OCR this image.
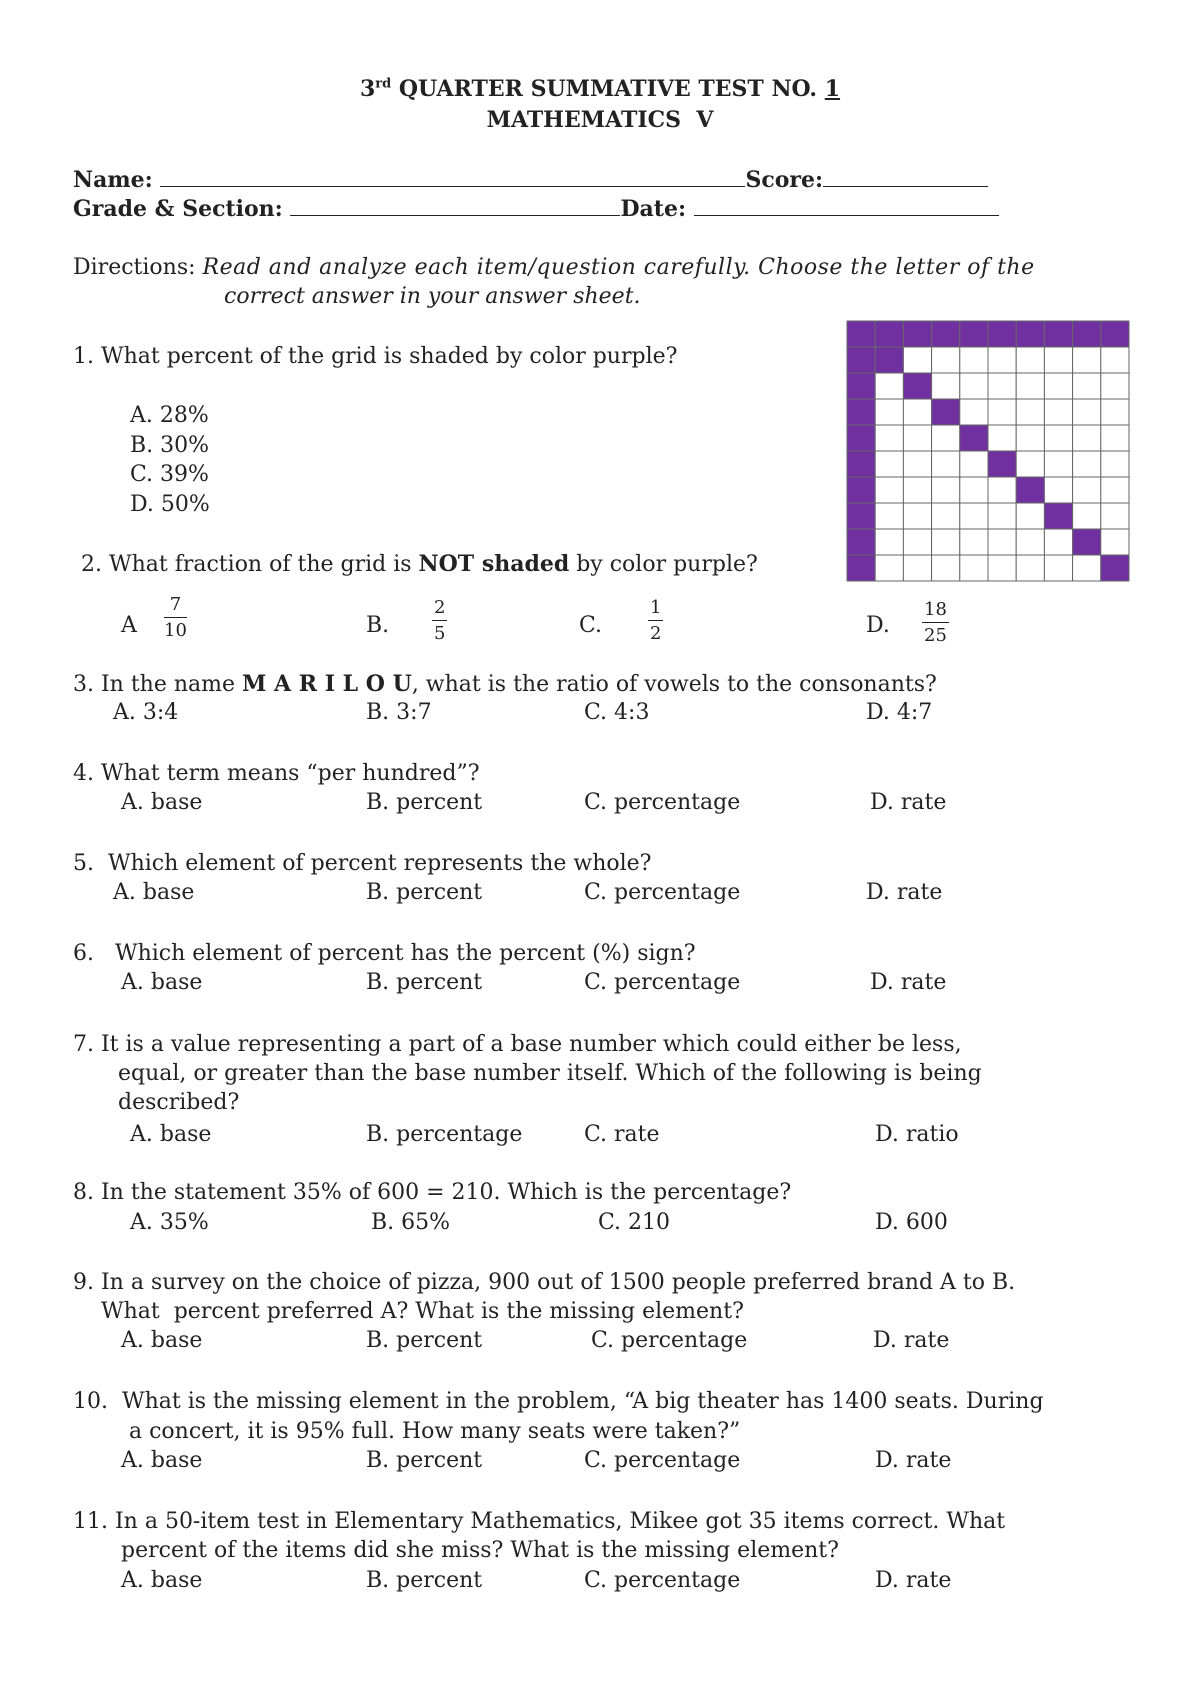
3rd QUARTER SUMMATIVE TEST NO. 1
MATHEMATICS  V
Name:	Score:
Grade & Section:	Date:
Directions: Read and analyze each item/question carefully. Choose the letter of the
correct answer in your answer sheet.
1. What percent of the grid is shaded by color purple?
A. 28%
B. 30%
C. 39%
D. 50%
2. What fraction of the grid is NOT shaded by color purple?
A $\frac{7}{10}$	B. $\frac{2}{5}$	C.	$\frac{1}{2}$	D. $\frac{18}{25}$
3. In the name M A R I L O U, what is the ratio of vowels to the consonants?
A. 3:4	B. 3:7	C. 4:3	D. 4:7
4. What term means “per hundred”?
A. base	B. percent	C. percentage	D. rate
5.  Which element of percent represents the whole?
A. base	B. percent	C. percentage	D. rate
6.   Which element of percent has the percent (%) sign?
A. base	B. percent	C. percentage	D. rate
7. It is a value representing a part of a base number which could either be less,
equal, or greater than the base number itself. Which of the following is being
described?
A. base	B. percentage	C. rate	D. ratio
8. In the statement 35% of 600 = 210. Which is the percentage?
A. 35%	B. 65%	C. 210	D. 600
9. In a survey on the choice of pizza, 900 out of 1500 people preferred brand A to B.
What  percent preferred A? What is the missing element?
A. base	B. percent	C. percentage	D. rate
10.  What is the missing element in the problem, “A big theater has 1400 seats. During
a concert, it is 95% full. How many seats were taken?”
A. base	B. percent	C. percentage	D. rate
11. In a 50-item test in Elementary Mathematics, Mikee got 35 items correct. What
percent of the items did she miss? What is the missing element?
A. base	B. percent	C. percentage	D. rate
